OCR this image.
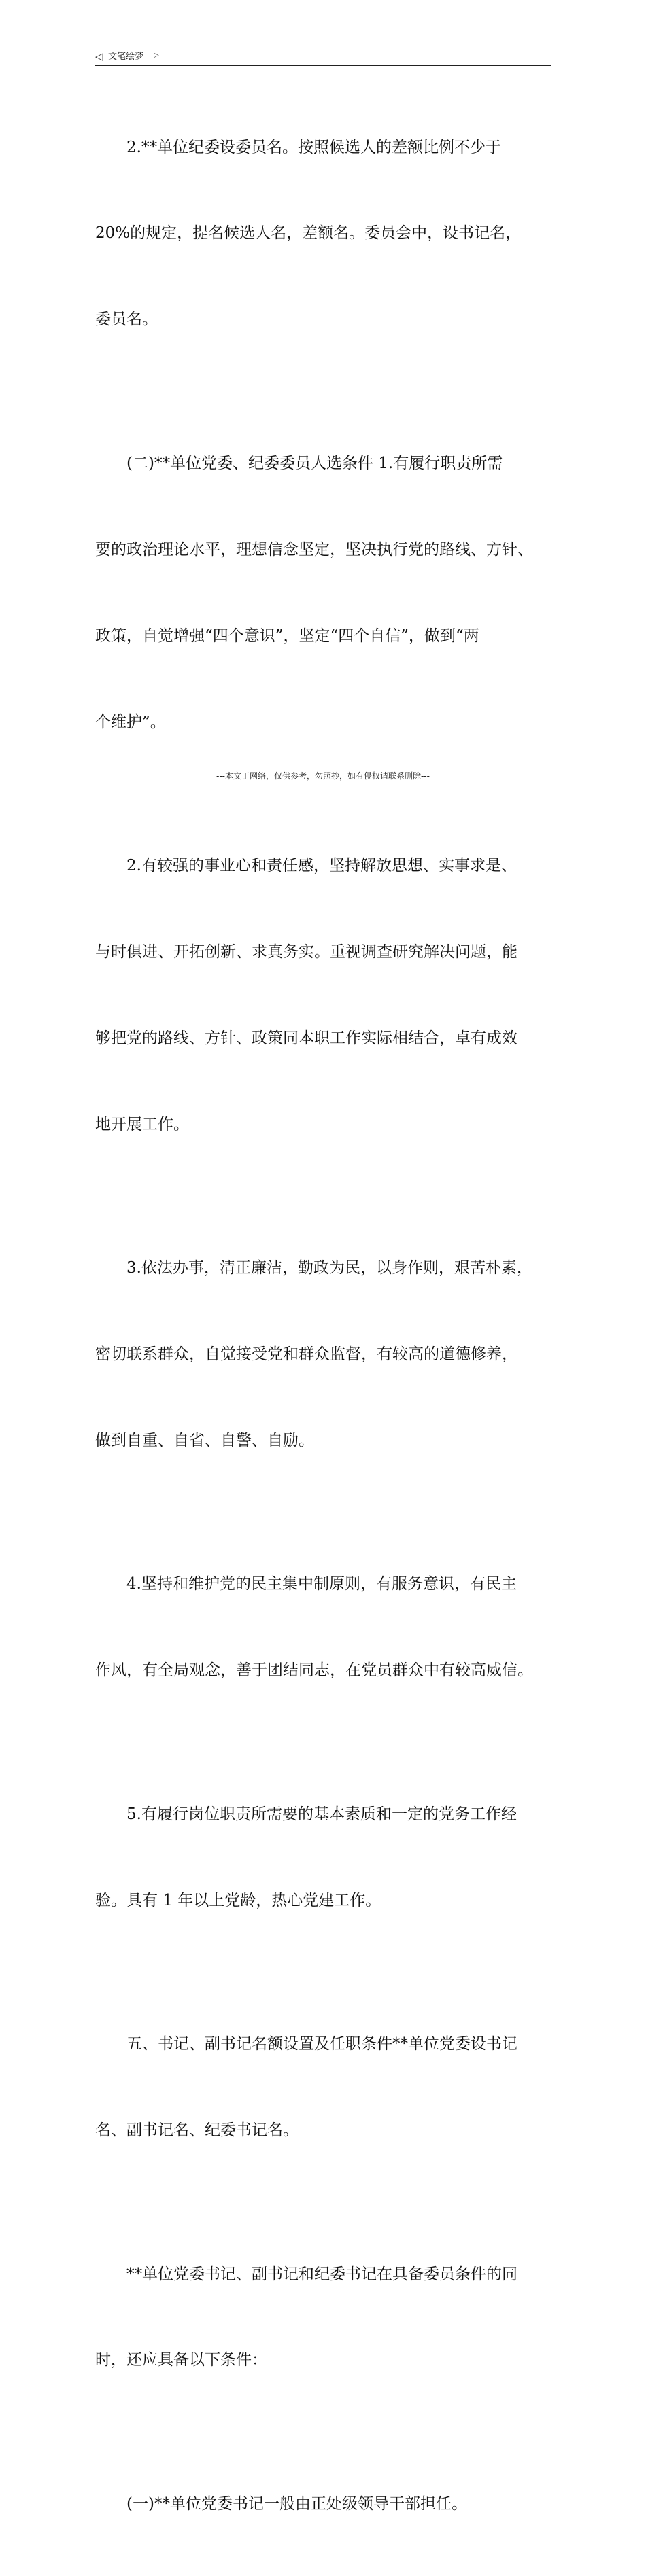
◁ 文笔绘梦 ▷

2.**单位纪委设委员名。按照候选人的差额比例不少于

20%的规定，提名候选人名，差额名。委员会中，设书记名，

委员名。

(二)**单位党委、纪委委员人选条件 1.有履行职责所需

要的政治理论水平，理想信念坚定，坚决执行党的路线、方针、

政策，自觉增强“四个意识”，坚定“四个自信”，做到“两

个维护”。

2.有较强的事业心和责任感，坚持解放思想、实事求是、

与时俱进、开拓创新、求真务实。重视调查研究解决问题，能

够把党的路线、方针、政策同本职工作实际相结合，卓有成效

地开展工作。

3.依法办事，清正廉洁，勤政为民，以身作则，艰苦朴素，

密切联系群众，自觉接受党和群众监督，有较高的道德修养，

做到自重、自省、自警、自励。

4.坚持和维护党的民主集中制原则，有服务意识，有民主

作风，有全局观念，善于团结同志，在党员群众中有较高威信。

5.有履行岗位职责所需要的基本素质和一定的党务工作经

验。具有 1 年以上党龄，热心党建工作。

五、书记、副书记名额设置及任职条件**单位党委设书记

名、副书记名、纪委书记名。

**单位党委书记、副书记和纪委书记在具备委员条件的同

时，还应具备以下条件：

(一)**单位党委书记一般由正处级领导干部担任。

---本文于网络，仅供参考，勿照抄，如有侵权请联系删除---
